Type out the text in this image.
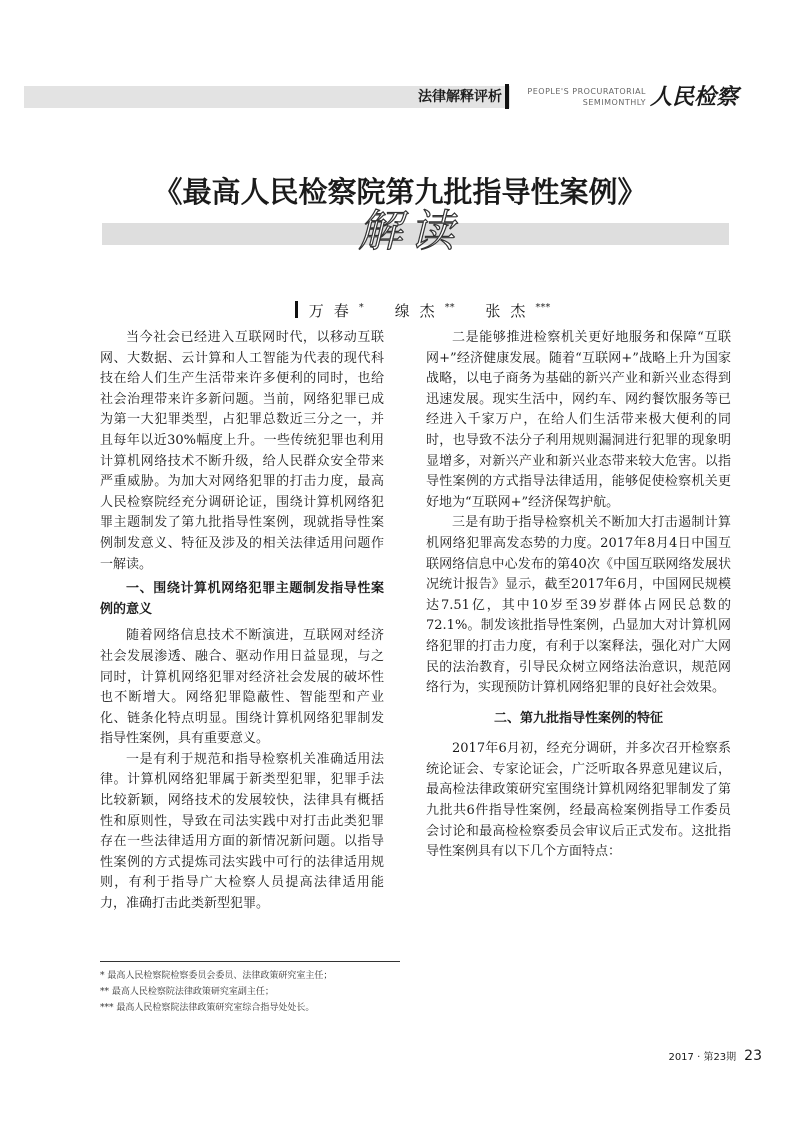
法律解释评析	PEOPLE'S PROCURATORIAL
SEMIMONTHLY 人民检察
《最高人民检察院第九批指导性案例》
解读
万春* 缐杰** 张杰***

当今社会已经进入互联网时代，以移动互联网、大数据、云计算和人工智能为代表的现代科技在给人们生产生活带来许多便利的同时，也给社会治理带来许多新问题。当前，网络犯罪已成为第一大犯罪类型，占犯罪总数近三分之一，并且每年以近30%幅度上升。一些传统犯罪也利用计算机网络技术不断升级，给人民群众安全带来严重威胁。为加大对网络犯罪的打击力度，最高人民检察院经充分调研论证，围绕计算机网络犯罪主题制发了第九批指导性案例，现就指导性案例制发意义、特征及涉及的相关法律适用问题作一解读。

一、围绕计算机网络犯罪主题制发指导性案例的意义

随着网络信息技术不断演进，互联网对经济社会发展渗透、融合、驱动作用日益显现，与之同时，计算机网络犯罪对经济社会发展的破坏性也不断增大。网络犯罪隐蔽性、智能型和产业化、链条化特点明显。围绕计算机网络犯罪制发指导性案例，具有重要意义。

一是有利于规范和指导检察机关准确适用法律。计算机网络犯罪属于新类型犯罪，犯罪手法比较新颖，网络技术的发展较快，法律具有概括性和原则性，导致在司法实践中对打击此类犯罪存在一些法律适用方面的新情况新问题。以指导性案例的方式提炼司法实践中可行的法律适用规则，有利于指导广大检察人员提高法律适用能力，准确打击此类新型犯罪。

二是能够推进检察机关更好地服务和保障“互联网+”经济健康发展。随着“互联网+”战略上升为国家战略，以电子商务为基础的新兴产业和新兴业态得到迅速发展。现实生活中，网约车、网约餐饮服务等已经进入千家万户，在给人们生活带来极大便利的同时，也导致不法分子利用规则漏洞进行犯罪的现象明显增多，对新兴产业和新兴业态带来较大危害。以指导性案例的方式指导法律适用，能够促使检察机关更好地为“互联网+”经济保驾护航。

三是有助于指导检察机关不断加大打击遏制计算机网络犯罪高发态势的力度。2017年8月4日中国互联网络信息中心发布的第40次《中国互联网络发展状况统计报告》显示，截至2017年6月，中国网民规模达7.51亿，其中10岁至39岁群体占网民总数的72.1%。制发该批指导性案例，凸显加大对计算机网络犯罪的打击力度，有利于以案释法，强化对广大网民的法治教育，引导民众树立网络法治意识，规范网络行为，实现预防计算机网络犯罪的良好社会效果。

二、第九批指导性案例的特征

2017年6月初，经充分调研，并多次召开检察系统论证会、专家论证会，广泛听取各界意见建议后，最高检法律政策研究室围绕计算机网络犯罪制发了第九批共6件指导性案例，经最高检案例指导工作委员会讨论和最高检检察委员会审议后正式发布。这批指导性案例具有以下几个方面特点：

* 最高人民检察院检察委员会委员、法律政策研究室主任；
** 最高人民检察院法律政策研究室副主任；
*** 最高人民检察院法律政策研究室综合指导处处长。
2017 · 第23期 23
